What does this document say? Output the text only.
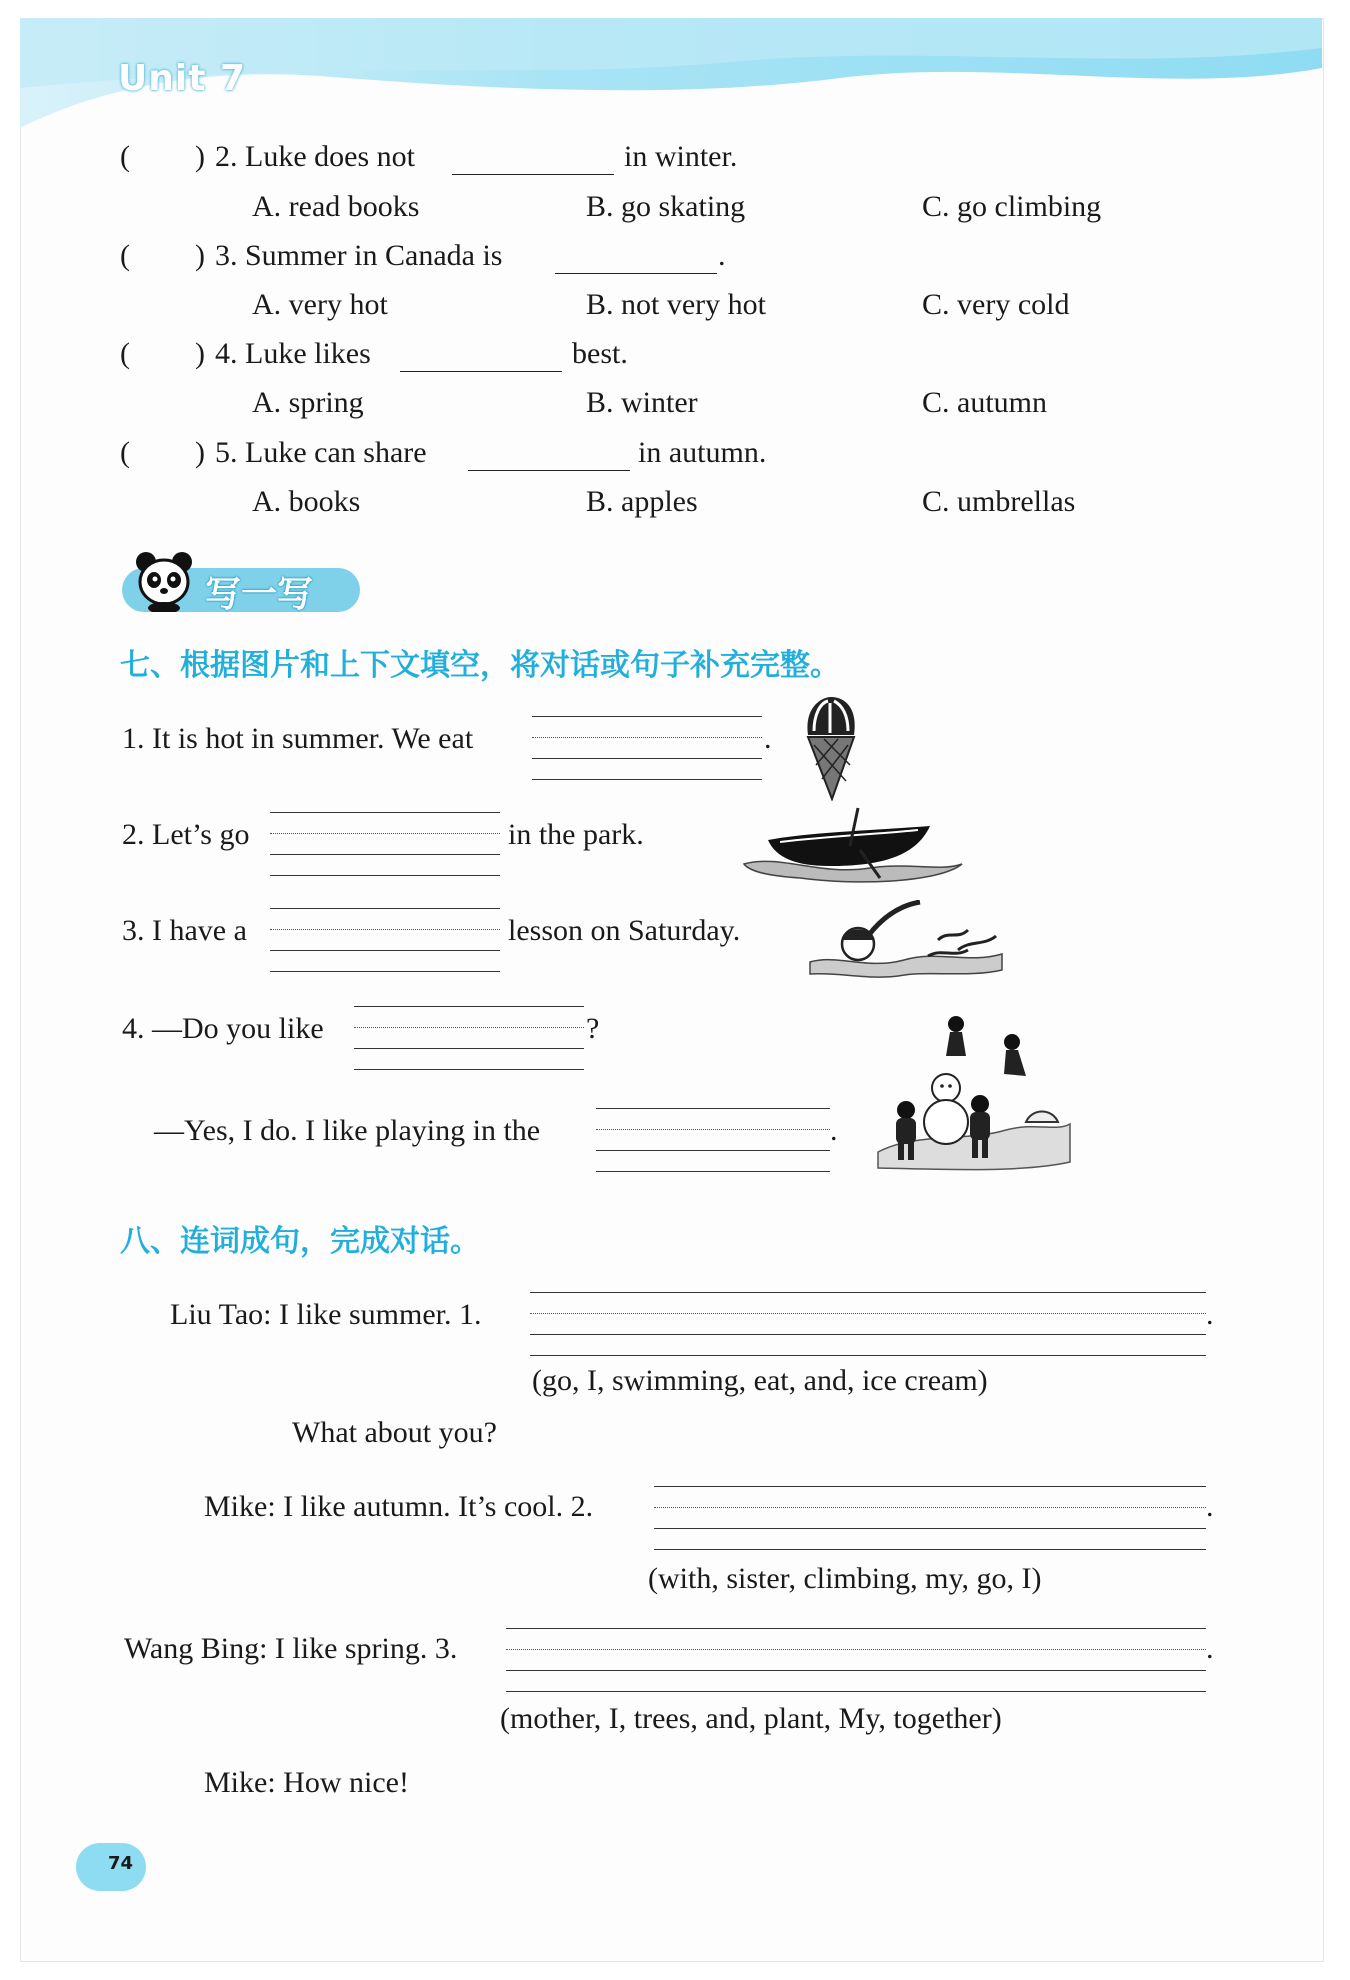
Unit 7
( ) 2. Luke does not	in winter.
A. read books	B. go skating	C. go climbing
( ) 3. Summer in Canada is	.
A. very hot	B. not very hot	C. very cold
( ) 4. Luke likes	best.
A. spring	B. winter	C. autumn
( ) 5. Luke can share	in autumn.
A. books	B. apples	C. umbrellas
写一写
七、根据图片和上下文填空，将对话或句子补充完整。
1. It is hot in summer. We eat	.
2. Let’s go	in the park.
3. I have a	lesson on Saturday.
4. —Do you like	?
—Yes, I do. I like playing in the	.
八、连词成句，完成对话。
Liu Tao: I like summer. 1.	.
(go, I, swimming, eat, and, ice cream)
What about you?
Mike: I like autumn. It’s cool. 2.	.
(with, sister, climbing, my, go, I)
Wang Bing: I like spring. 3.	.
(mother, I, trees, and, plant, My, together)
Mike: How nice!
74
